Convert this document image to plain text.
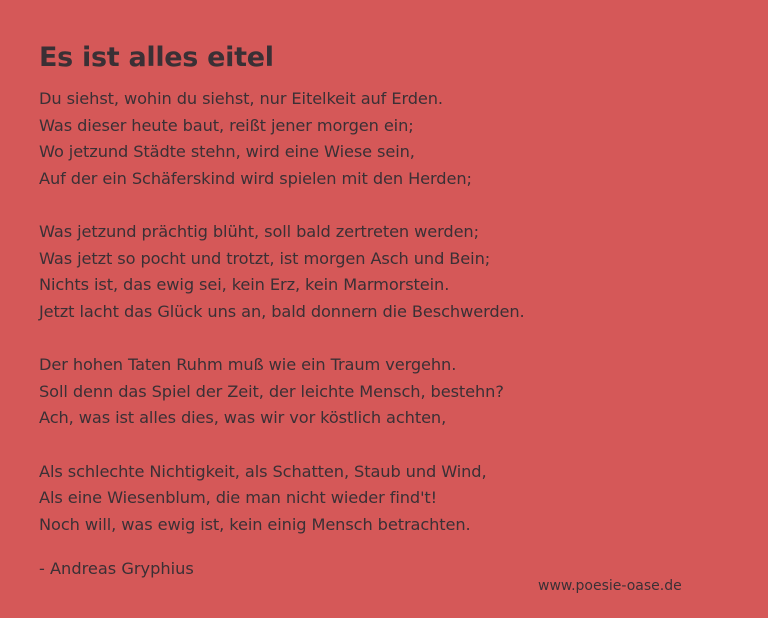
Es ist alles eitel
Du siehst, wohin du siehst, nur Eitelkeit auf Erden.
Was dieser heute baut, reißt jener morgen ein;
Wo jetzund Städte stehn, wird eine Wiese sein,
Auf der ein Schäferskind wird spielen mit den Herden;
Was jetzund prächtig blüht, soll bald zertreten werden;
Was jetzt so pocht und trotzt, ist morgen Asch und Bein;
Nichts ist, das ewig sei, kein Erz, kein Marmorstein.
Jetzt lacht das Glück uns an, bald donnern die Beschwerden.
Der hohen Taten Ruhm muß wie ein Traum vergehn.
Soll denn das Spiel der Zeit, der leichte Mensch, bestehn?
Ach, was ist alles dies, was wir vor köstlich achten,
Als schlechte Nichtigkeit, als Schatten, Staub und Wind,
Als eine Wiesenblum, die man nicht wieder find't!
Noch will, was ewig ist, kein einig Mensch betrachten.
- Andreas Gryphius
www.poesie-oase.de
